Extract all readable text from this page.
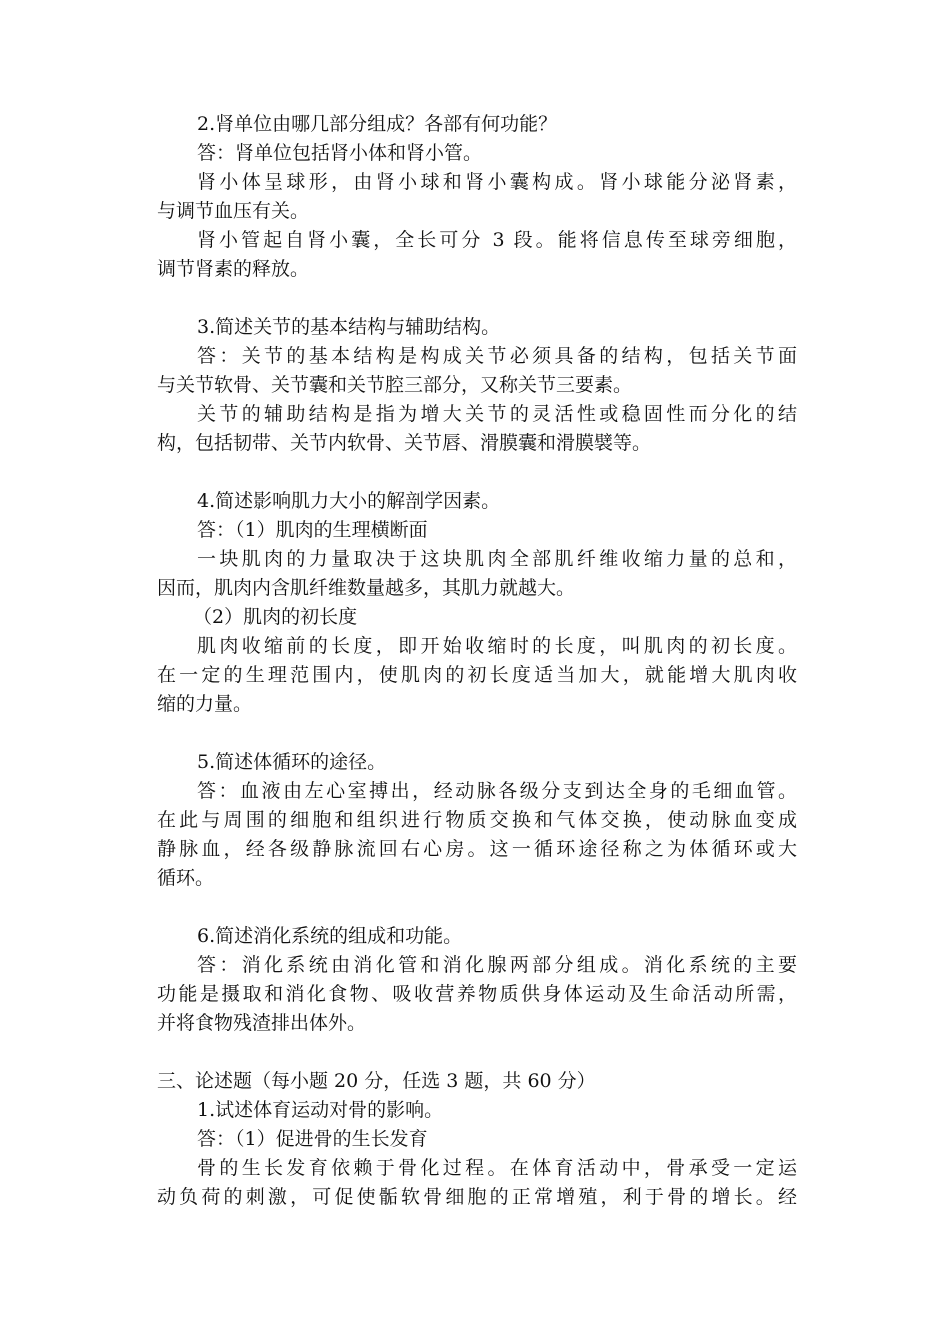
2.肾单位由哪几部分组成？各部有何功能？
答：肾单位包括肾小体和肾小管。
肾小体呈球形，由肾小球和肾小囊构成。肾小球能分泌肾素，
与调节血压有关。
肾小管起自肾小囊，全长可分 3 段。能将信息传至球旁细胞，
调节肾素的释放。
3.简述关节的基本结构与辅助结构。
答：关节的基本结构是构成关节必须具备的结构，包括关节面
与关节软骨、关节囊和关节腔三部分，又称关节三要素。
关节的辅助结构是指为增大关节的灵活性或稳固性而分化的结
构，包括韧带、关节内软骨、关节唇、滑膜囊和滑膜襞等。
4.简述影响肌力大小的解剖学因素。
答：（1）肌肉的生理横断面
一块肌肉的力量取决于这块肌肉全部肌纤维收缩力量的总和，
因而，肌肉内含肌纤维数量越多，其肌力就越大。
（2）肌肉的初长度
肌肉收缩前的长度，即开始收缩时的长度，叫肌肉的初长度。
在一定的生理范围内，使肌肉的初长度适当加大，就能增大肌肉收
缩的力量。
5.简述体循环的途径。
答：血液由左心室搏出，经动脉各级分支到达全身的毛细血管。
在此与周围的细胞和组织进行物质交换和气体交换，使动脉血变成
静脉血，经各级静脉流回右心房。这一循环途径称之为体循环或大
循环。
6.简述消化系统的组成和功能。
答：消化系统由消化管和消化腺两部分组成。消化系统的主要
功能是摄取和消化食物、吸收营养物质供身体运动及生命活动所需，
并将食物残渣排出体外。
三、论述题（每小题 20 分，任选 3 题，共 60 分）
1.试述体育运动对骨的影响。
答：（1）促进骨的生长发育
骨的生长发育依赖于骨化过程。在体育活动中，骨承受一定运
动负荷的刺激，可促使骺软骨细胞的正常增殖，利于骨的增长。经
